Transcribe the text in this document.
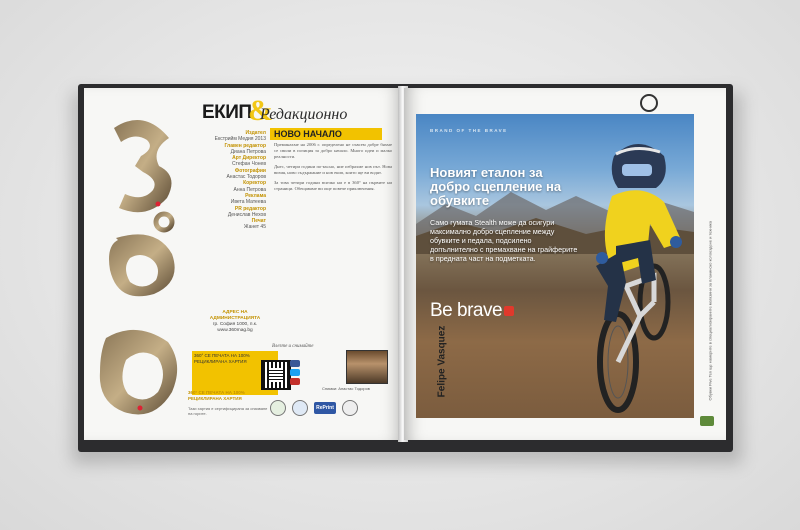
ЕКИП
&
Редакционно
НОВО НАЧАЛО
Издател
Екстрийм Медия 2013
Главен редактор
Диана Петрова
Арт Директор
Стефан Чонев
Фотографии
Анастас Тодоров
Коректор
Анна Петрова
Реклама
Ивета Матеева
PR редактор
Денислав Нехов
Печат
Жанет 45

Преминахме на 2006 г. определено не съвсем добре бяхме се свили в позиция за добро начало. Много идеи и малко реалности.

Днес, четири години по-късно, ние избрахме нов път. Нова визия, ново съдържание и нов екип, които ще ви водят.

За това четири години всичко ни е в 360° на първите ни страници. Обещаваме ви още повече приключения.

АДРЕС НА АДМИНИСТРАЦИЯТА
гр. София 1000, п.к. www.360mag.bg
Влезте и снимайте
360° СЕ ПЕЧАТА НА 100% РЕЦИКЛИРАНА ХАРТИЯ
Снимки: Анастас Тодоров
360° СЕ ПЕЧАТА НА 100% РЕЦИКЛИРАНА ХАРТИЯ
Тази хартия е сертифицирана за опазване на горите.
RePrint
BRAND OF THE BRAVE
Новият еталон за добро сцепление на обувките
Само гумата Stealth може да осигури максимално добро сцепление между обувките и педала, подсилено допълнително с премахване на грайферите в предната част на подметката.
Be brave
Felipe Vasquez	Обувки Five Ten ще намерите в специализираните магазини за планинско колоездене и техника
